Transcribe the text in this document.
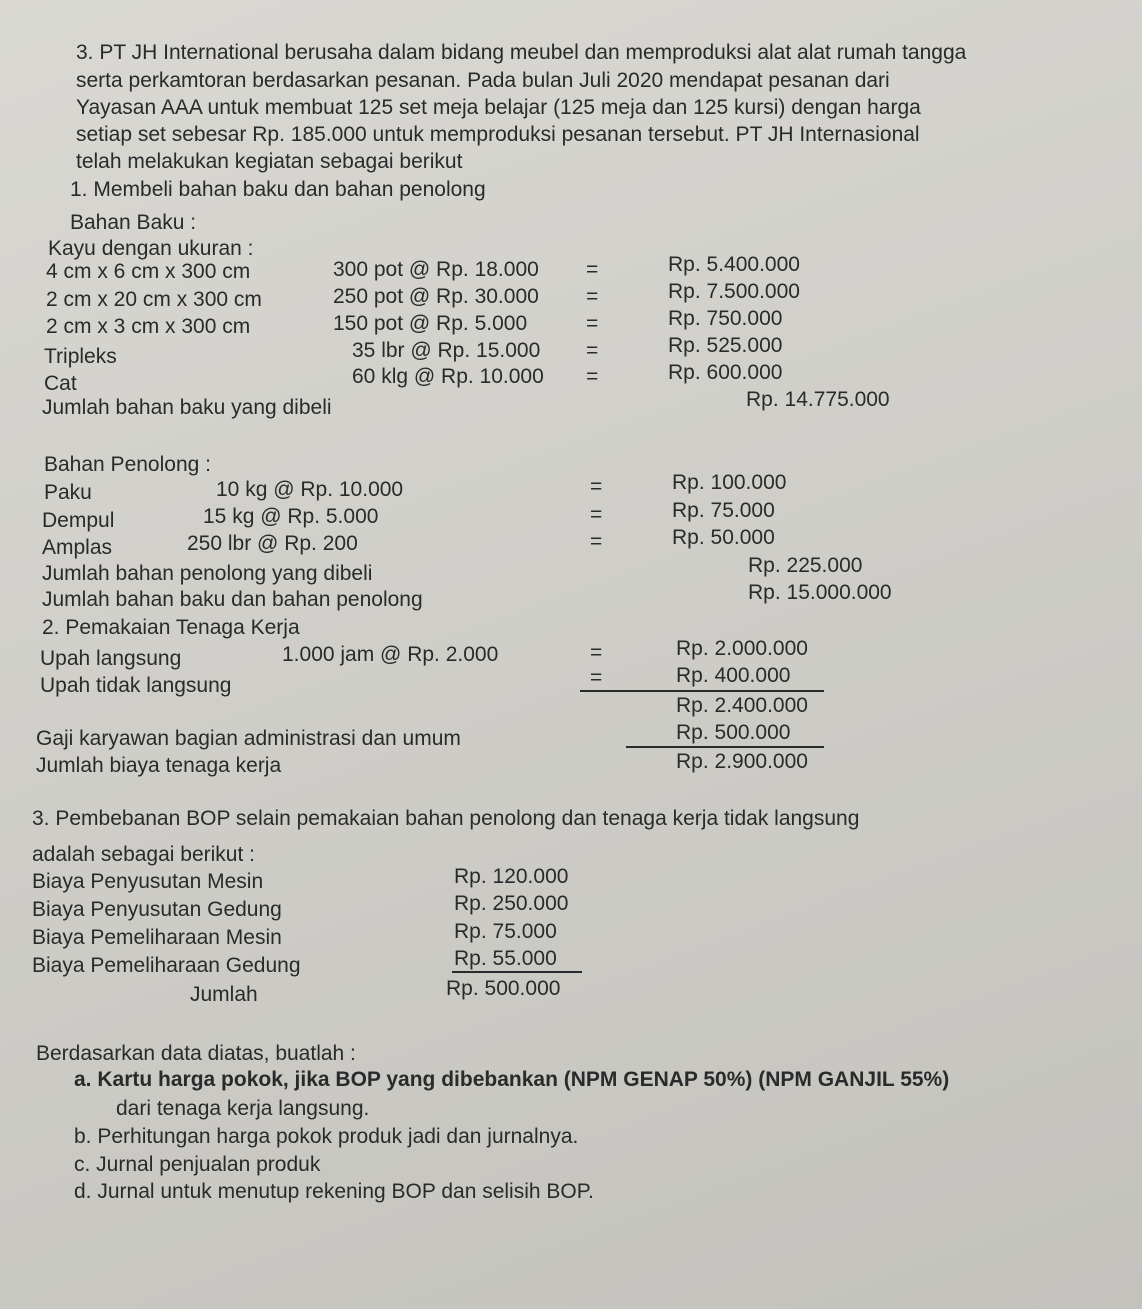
3. PT JH International berusaha dalam bidang meubel dan memproduksi alat alat rumah tangga
serta perkamtoran berdasarkan pesanan. Pada bulan Juli 2020 mendapat pesanan dari
Yayasan AAA untuk membuat 125 set meja belajar (125 meja dan 125 kursi) dengan harga
setiap set sebesar Rp. 185.000 untuk memproduksi pesanan tersebut. PT JH Internasional
telah melakukan kegiatan sebagai berikut
1. Membeli bahan baku dan bahan penolong
Bahan Baku :
Kayu dengan ukuran :
4 cm x 6 cm x 300 cm	300 pot @ Rp. 18.000 =	Rp. 5.400.000
2 cm x 20 cm x 300 cm	250 pot @ Rp. 30.000 =	Rp. 7.500.000
2 cm x 3 cm x 300 cm	150 pot @ Rp. 5.000	=	Rp. 750.000
Tripleks	35 lbr @ Rp. 15.000 =	Rp. 525.000
Cat	60 klg @ Rp. 10.000 =	Rp. 600.000
Jumlah bahan baku yang dibeli	Rp. 14.775.000
Bahan Penolong :
Paku	10 kg @ Rp. 10.000	=	Rp. 100.000
Dempul	15 kg @ Rp. 5.000	=	Rp. 75.000
Amplas	250 lbr @ Rp. 200	=	Rp. 50.000
Jumlah bahan penolong yang dibeli	Rp. 225.000
Jumlah bahan baku dan bahan penolong	Rp. 15.000.000
2. Pemakaian Tenaga Kerja
Upah langsung	1.000 jam @ Rp. 2.000	=	Rp. 2.000.000
Upah tidak langsung	=	Rp. 400.000
Rp. 2.400.000
Gaji karyawan bagian administrasi dan umum	Rp. 500.000
Jumlah biaya tenaga kerja	Rp. 2.900.000
3. Pembebanan BOP selain pemakaian bahan penolong dan tenaga kerja tidak langsung
adalah sebagai berikut :
Biaya Penyusutan Mesin	Rp. 120.000
Biaya Penyusutan Gedung	Rp. 250.000
Biaya Pemeliharaan Mesin	Rp. 75.000
Biaya Pemeliharaan Gedung	Rp. 55.000
Jumlah	Rp. 500.000
Berdasarkan data diatas, buatlah :
a. Kartu harga pokok, jika BOP yang dibebankan (NPM GENAP 50%) (NPM GANJIL 55%)
dari tenaga kerja langsung.
b. Perhitungan harga pokok produk jadi dan jurnalnya.
c. Jurnal penjualan produk
d. Jurnal untuk menutup rekening BOP dan selisih BOP.
